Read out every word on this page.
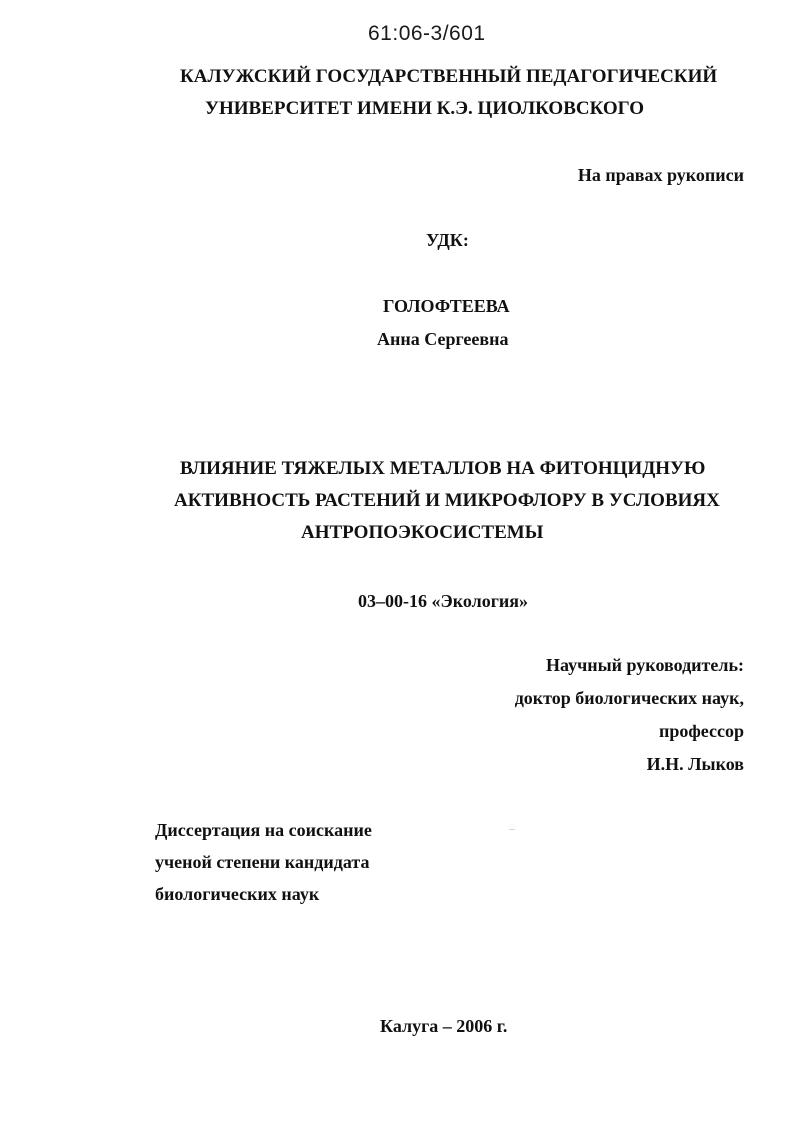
61:06-3/601
КАЛУЖСКИЙ ГОСУДАРСТВЕННЫЙ ПЕДАГОГИЧЕСКИЙ
УНИВЕРСИТЕТ ИМЕНИ К.Э. ЦИОЛКОВСКОГО
На правах рукописи
УДК:
ГОЛОФТЕЕВА
Анна Сергеевна
ВЛИЯНИЕ ТЯЖЕЛЫХ МЕТАЛЛОВ НА ФИТОНЦИДНУЮ
АКТИВНОСТЬ РАСТЕНИЙ И МИКРОФЛОРУ В УСЛОВИЯХ
АНТРОПОЭКОСИСТЕМЫ
03–00-16 «Экология»
Научный руководитель:
доктор биологических наук,
профессор
И.Н. Лыков
Диссертация на соискание
ученой степени кандидата
биологических наук
Калуга – 2006 г.
